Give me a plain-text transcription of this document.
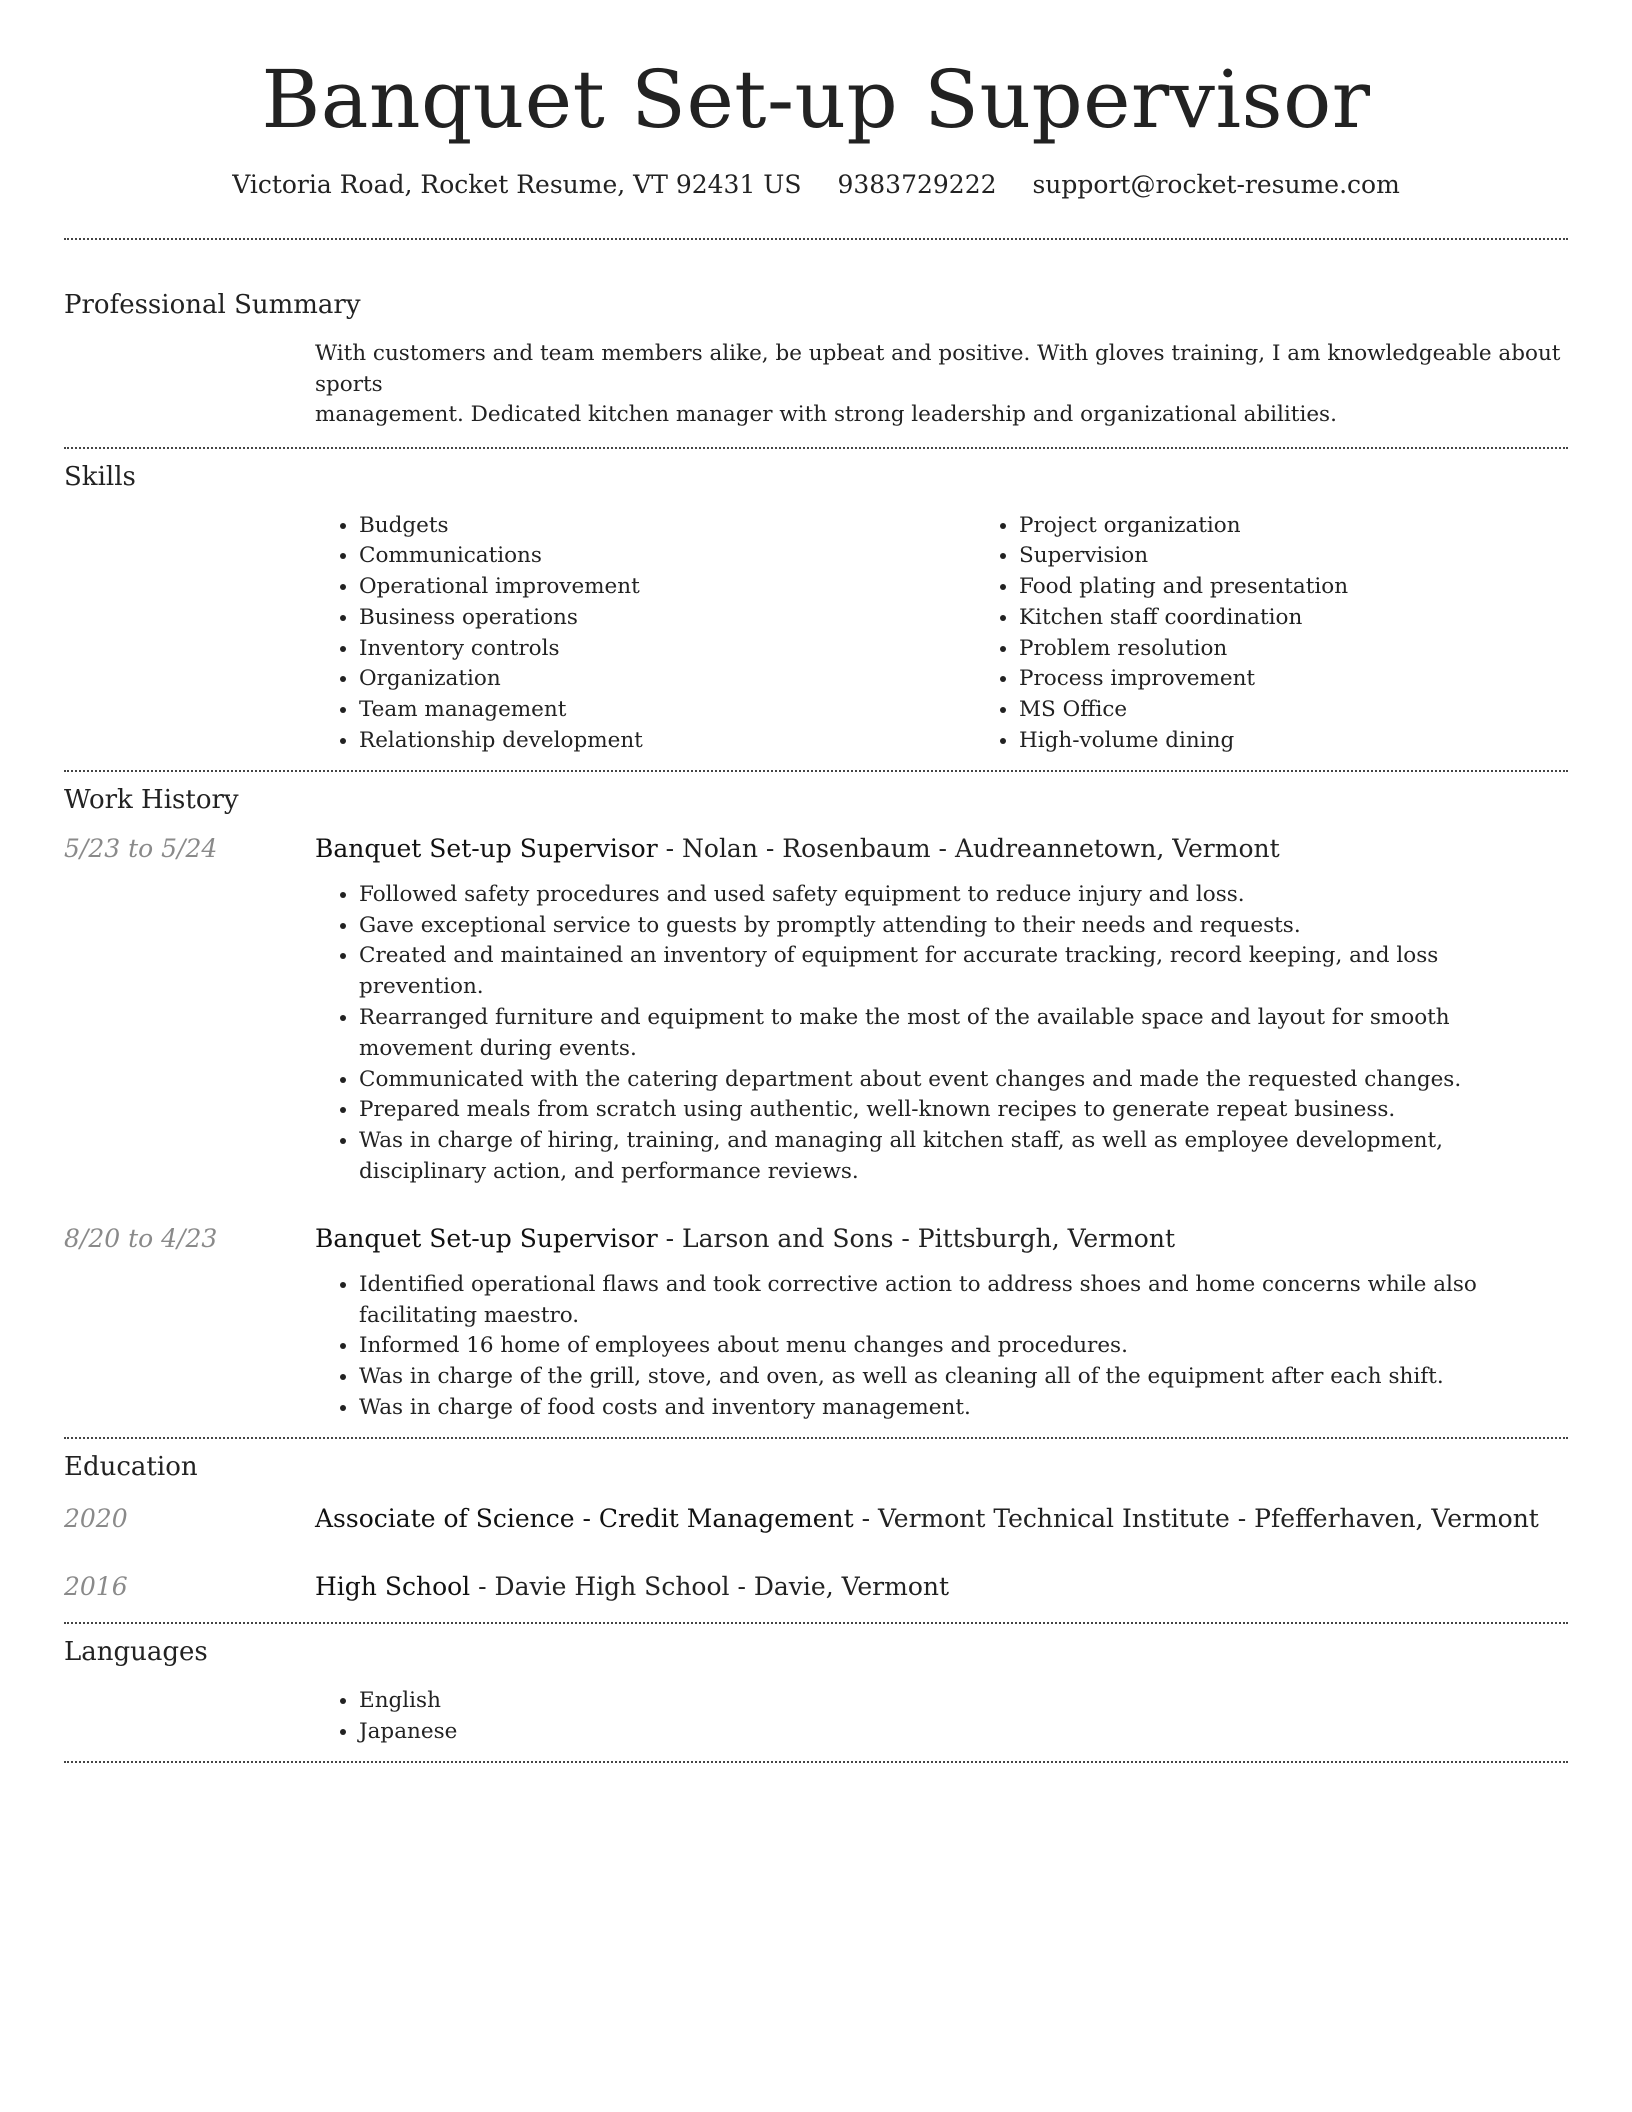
Banquet Set-up Supervisor
Victoria Road, Rocket Resume, VT 92431 US 9383729222 support@rocket-resume.com
Professional Summary
With customers and team members alike, be upbeat and positive. With gloves training, I am knowledgeable about sports
management. Dedicated kitchen manager with strong leadership and organizational abilities.
Skills
• Budgets
• Communications
• Operational improvement
• Business operations
• Inventory controls
• Organization
• Team management
• Relationship development
• Project organization
• Supervision
• Food plating and presentation
• Kitchen staff coordination
• Problem resolution
• Process improvement
• MS Office
• High-volume dining
Work History
5/23 to 5/24	Banquet Set-up Supervisor - Nolan - Rosenbaum - Audreannetown, Vermont
• Followed safety procedures and used safety equipment to reduce injury and loss.
• Gave exceptional service to guests by promptly attending to their needs and requests.
• Created and maintained an inventory of equipment for accurate tracking, record keeping, and loss prevention.
• Rearranged furniture and equipment to make the most of the available space and layout for smooth movement during events.
• Communicated with the catering department about event changes and made the requested changes.
• Prepared meals from scratch using authentic, well-known recipes to generate repeat business.
• Was in charge of hiring, training, and managing all kitchen staff, as well as employee development, disciplinary action, and performance reviews.
8/20 to 4/23	Banquet Set-up Supervisor - Larson and Sons - Pittsburgh, Vermont
• Identified operational flaws and took corrective action to address shoes and home concerns while also facilitating maestro.
• Informed 16 home of employees about menu changes and procedures.
• Was in charge of the grill, stove, and oven, as well as cleaning all of the equipment after each shift.
• Was in charge of food costs and inventory management.
Education
2020	Associate of Science - Credit Management - Vermont Technical Institute - Pfefferhaven, Vermont
2016	High School - Davie High School - Davie, Vermont
Languages
• English
• Japanese
